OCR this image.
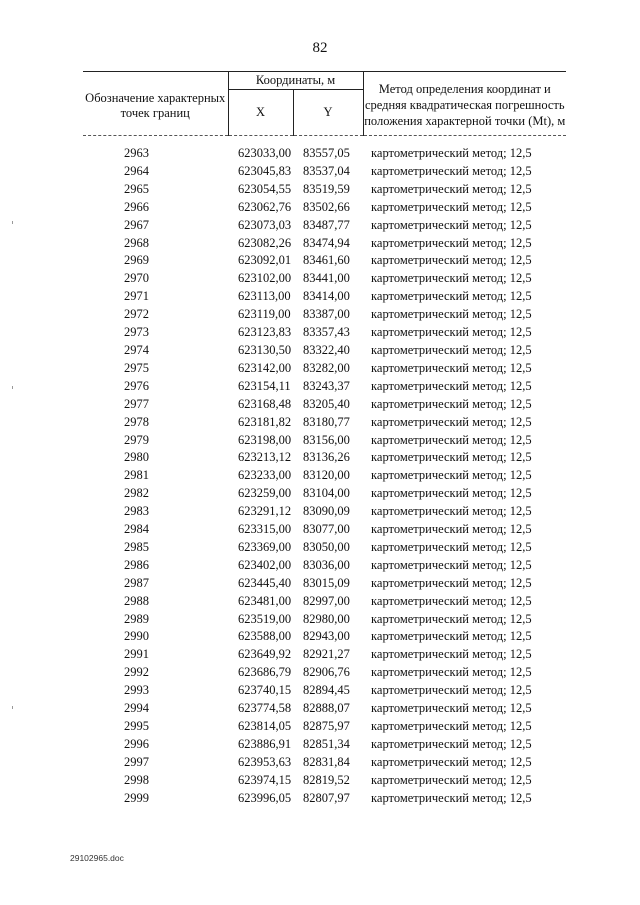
82
Обозначение характерных точек границ	Координаты, м		Метод определения координат и средняя квадратическая погрешность положения характерной точки (Mt), м
	X	Y	

2963	623033,00	83557,05	картометрический метод; 12,5
2964	623045,83	83537,04	картометрический метод; 12,5
2965	623054,55	83519,59	картометрический метод; 12,5
2966	623062,76	83502,66	картометрический метод; 12,5
2967	623073,03	83487,77	картометрический метод; 12,5
2968	623082,26	83474,94	картометрический метод; 12,5
2969	623092,01	83461,60	картометрический метод; 12,5
2970	623102,00	83441,00	картометрический метод; 12,5
2971	623113,00	83414,00	картометрический метод; 12,5
2972	623119,00	83387,00	картометрический метод; 12,5
2973	623123,83	83357,43	картометрический метод; 12,5
2974	623130,50	83322,40	картометрический метод; 12,5
2975	623142,00	83282,00	картометрический метод; 12,5
2976	623154,11	83243,37	картометрический метод; 12,5
2977	623168,48	83205,40	картометрический метод; 12,5
2978	623181,82	83180,77	картометрический метод; 12,5
2979	623198,00	83156,00	картометрический метод; 12,5
2980	623213,12	83136,26	картометрический метод; 12,5
2981	623233,00	83120,00	картометрический метод; 12,5
2982	623259,00	83104,00	картометрический метод; 12,5
2983	623291,12	83090,09	картометрический метод; 12,5
2984	623315,00	83077,00	картометрический метод; 12,5
2985	623369,00	83050,00	картометрический метод; 12,5
2986	623402,00	83036,00	картометрический метод; 12,5
2987	623445,40	83015,09	картометрический метод; 12,5
2988	623481,00	82997,00	картометрический метод; 12,5
2989	623519,00	82980,00	картометрический метод; 12,5
2990	623588,00	82943,00	картометрический метод; 12,5
2991	623649,92	82921,27	картометрический метод; 12,5
2992	623686,79	82906,76	картометрический метод; 12,5
2993	623740,15	82894,45	картометрический метод; 12,5
2994	623774,58	82888,07	картометрический метод; 12,5
2995	623814,05	82875,97	картометрический метод; 12,5
2996	623886,91	82851,34	картометрический метод; 12,5
2997	623953,63	82831,84	картометрический метод; 12,5
2998	623974,15	82819,52	картометрический метод; 12,5
2999	623996,05	82807,97	картометрический метод; 12,5
29102965.doc
